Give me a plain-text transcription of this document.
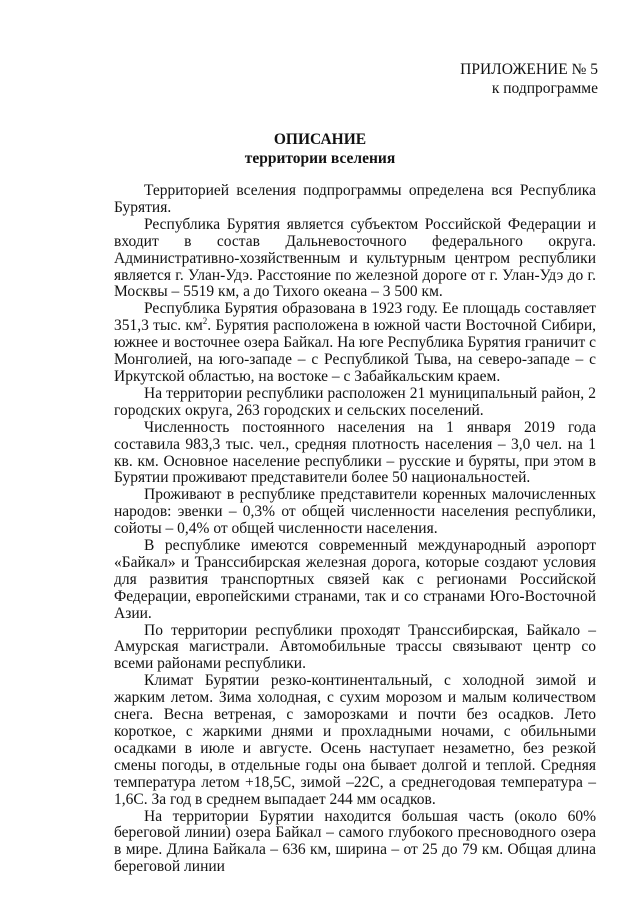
ПРИЛОЖЕНИЕ № 5
к подпрограмме
ОПИСАНИЕ
территории вселения

Территорией вселения подпрограммы определена вся Республика Бурятия.

Республика Бурятия является субъектом Российской Федерации и входит в состав Дальневосточного федерального округа. Административно-хозяйственным и культурным центром республики является г. Улан-Удэ. Расстояние по железной дороге от г. Улан-Удэ до г. Москвы – 5519 км, а до Тихого океана – 3 500 км.

Республика Бурятия образована в 1923 году. Ее площадь составляет 351,3 тыс. $км^2$. Бурятия расположена в южной части Восточной Сибири, южнее и восточнее озера Байкал. На юге Республика Бурятия граничит с Монголией, на юго-западе – с Республикой Тыва, на северо-западе – с Иркутской областью, на востоке – с Забайкальским краем.

На территории республики расположен 21 муниципальный район, 2 городских округа, 263 городских и сельских поселений.

Численность постоянного населения на 1 января 2019 года составила 983,3 тыс. чел., средняя плотность населения – 3,0 чел. на 1 кв. км. Основное население республики – русские и буряты, при этом в Бурятии проживают представители более 50 национальностей.

Проживают в республике представители коренных малочисленных народов: эвенки – 0,3% от общей численности населения республики, сойоты – 0,4% от общей численности населения.

В республике имеются современный международный аэропорт «Байкал» и Транссибирская железная дорога, которые создают условия для развития транспортных связей как с регионами Российской Федерации, европейскими странами, так и со странами Юго-Восточной Азии.

По территории республики проходят Транссибирская, Байкало – Амурская магистрали. Автомобильные трассы связывают центр со всеми районами республики.

Климат Бурятии резко-континентальный, с холодной зимой и жарким летом. Зима холодная, с сухим морозом и малым количеством снега. Весна ветреная, с заморозками и почти без осадков. Лето короткое, с жаркими днями и прохладными ночами, с обильными осадками в июле и августе. Осень наступает незаметно, без резкой смены погоды, в отдельные годы она бывает долгой и теплой. Средняя температура летом +18,5С, зимой –22С, а среднегодовая температура –1,6С. За год в среднем выпадает 244 мм осадков.

На территории Бурятии находится большая часть (около 60% береговой линии) озера Байкал – самого глубокого пресноводного озера в мире. Длина Байкала – 636 км, ширина – от 25 до 79 км. Общая длина береговой линии
